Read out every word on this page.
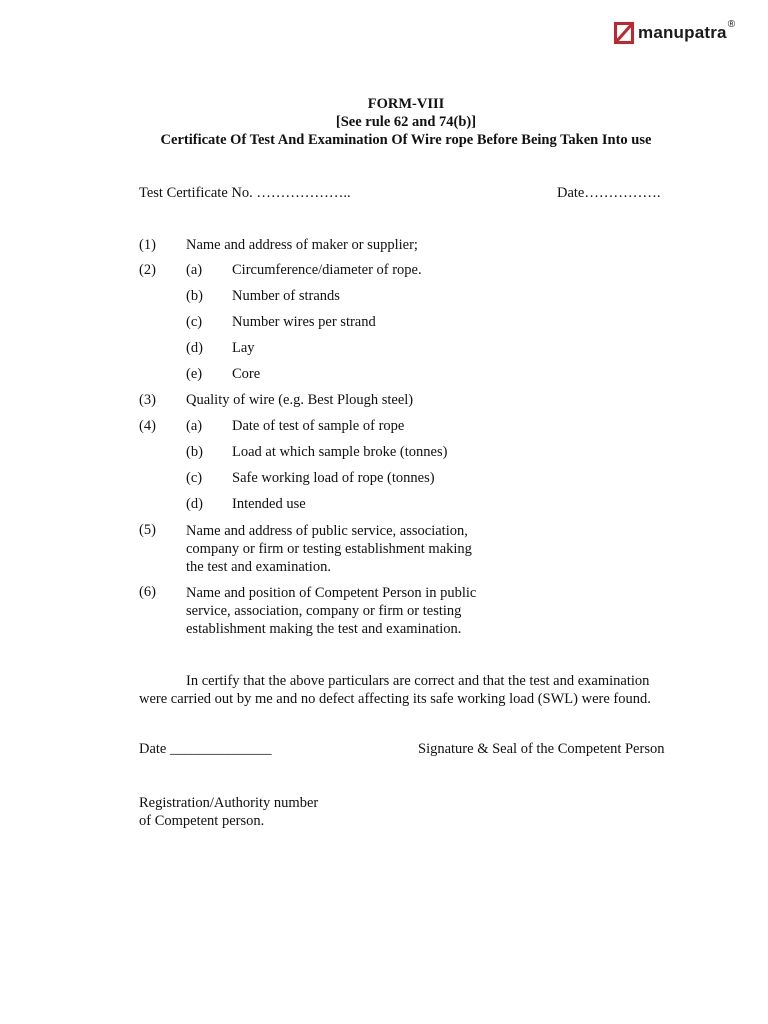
manupatra ®
FORM-VIII
[See rule 62 and 74(b)]
Certificate Of Test And Examination Of Wire rope Before Being Taken Into use
Test Certificate No. ………………..	Date…………….
(1) Name and address of maker or supplier;
(2) (a) Circumference/diameter of rope.
(b) Number of strands
(c) Number wires per strand
(d) Lay
(e) Core
(3) Quality of wire (e.g. Best Plough steel)
(4) (a) Date of test of sample of rope
(b) Load at which sample broke (tonnes)
(c) Safe working load of rope (tonnes)
(d) Intended use
(5) Name and address of public service, association,
company or firm or testing establishment making
the test and examination.
(6) Name and position of Competent Person in public
service, association, company or firm or testing
establishment making the test and examination.
In certify that the above particulars are correct and that the test and examination
were carried out by me and no defect affecting its safe working load (SWL) were found.
Date ______________	Signature & Seal of the Competent Person
Registration/Authority number
of Competent person.
